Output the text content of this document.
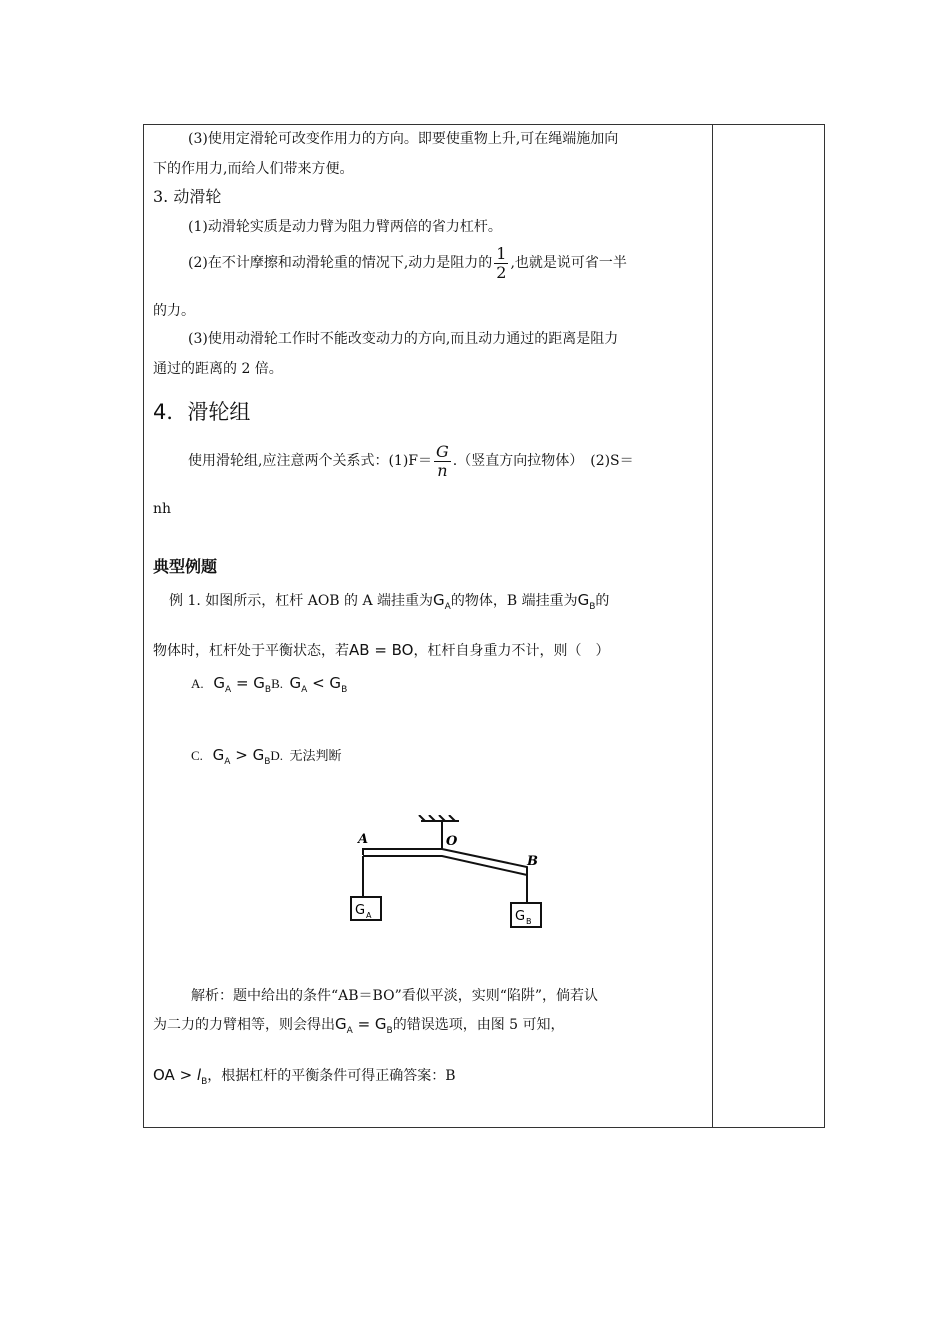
(3)使用定滑轮可改变作用力的方向。即要使重物上升,可在绳端施加向
下的作用力,而给人们带来方便。
3. 动滑轮
(1)动滑轮实质是动力臂为阻力臂两倍的省力杠杆。
(2)在不计摩擦和动滑轮重的情况下,动力是阻力的 $\frac{1}{2}$ ,也就是说可省一半
的力。
(3)使用动滑轮工作时不能改变动力的方向,而且动力通过的距离是阻力
通过的距离的 2 倍。
4．滑轮组
使用滑轮组,应注意两个关系式：$(1)F= \frac{G}{n}$ .（竖直方向拉物体）　(2)S＝
nh
典型例题
例 1. 如图所示，杠杆 AOB 的 A 端挂重为$G_A$的物体，B 端挂重为$G_B$的
物体时，杠杆处于平衡状态，若AB = BO，杠杆自身重力不计，则（　）
A. $G_A = G_BB$. $G_A < G_B$
C. $G_A > G_BD$. 无法判断
A	O
B
G A	G B
解析：题中给出的条件“AB＝BO”看似平淡，实则“陷阱”，倘若认
为二力的力臂相等，则会得出$G_A = G_B$的错误选项，由图 5 可知，
OA > $l_B$，根据杠杆的平衡条件可得正确答案：B
